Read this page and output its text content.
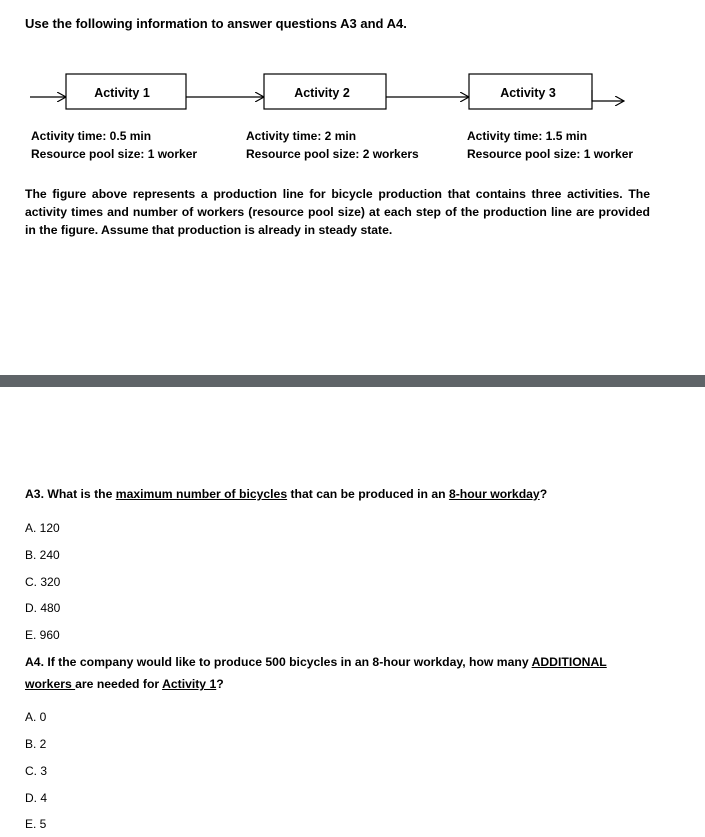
Use the following information to answer questions A3 and A4.
Activity 1	Activity 2	Activity 3
Activity time: 0.5 min
Resource pool size: 1 worker
Activity time: 2 min
Resource pool size: 2 workers
Activity time: 1.5 min
Resource pool size: 1 worker
The figure above represents a production line for bicycle production that contains three activities. The activity times and number of workers (resource pool size) at each step of the production line are provided in the figure. Assume that production is already in steady state.
A3. What is the maximum number of bicycles that can be produced in an 8-hour workday?
A. 120
B. 240
C. 320
D. 480
E. 960
A4. If the company would like to produce 500 bicycles in an 8-hour workday, how many ADDITIONAL workers are needed for Activity 1?
A. 0
B. 2
C. 3
D. 4
E. 5
